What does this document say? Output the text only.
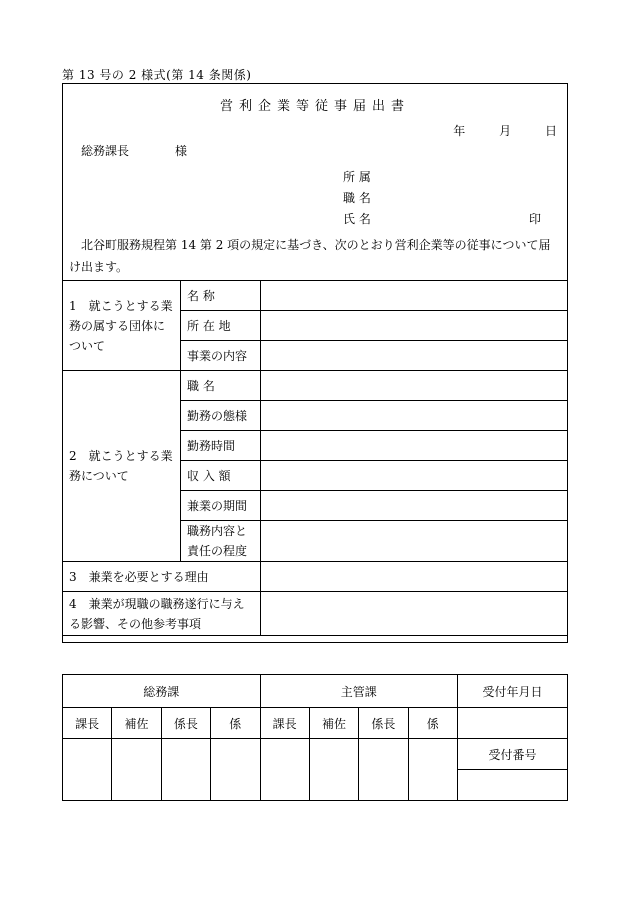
第 13 号の 2 様式(第 14 条関係)
営利企業等従事届出書
年	月	日
総務課長	様
所 属
職 名
氏 名	印
北谷町服務規程第 14 第 2 項の規定に基づき、次のとおり営利企業等の従事について届け出ます。
1　就こうとする業務の属する団体について	名 称	
	所 在 地	
	事業の内容	
2　就こうとする業務について	職 名	
	勤務の態様	
	勤務時間	
	収 入 額	
	兼業の期間	
	職務内容と責任の程度	
3　兼業を必要とする理由		
4　兼業が現職の職務遂行に与える影響、その他参考事項		
総務課				主管課				受付年月日
課長	補佐	係長	係	課長	補佐	係長	係	
								受付番号
